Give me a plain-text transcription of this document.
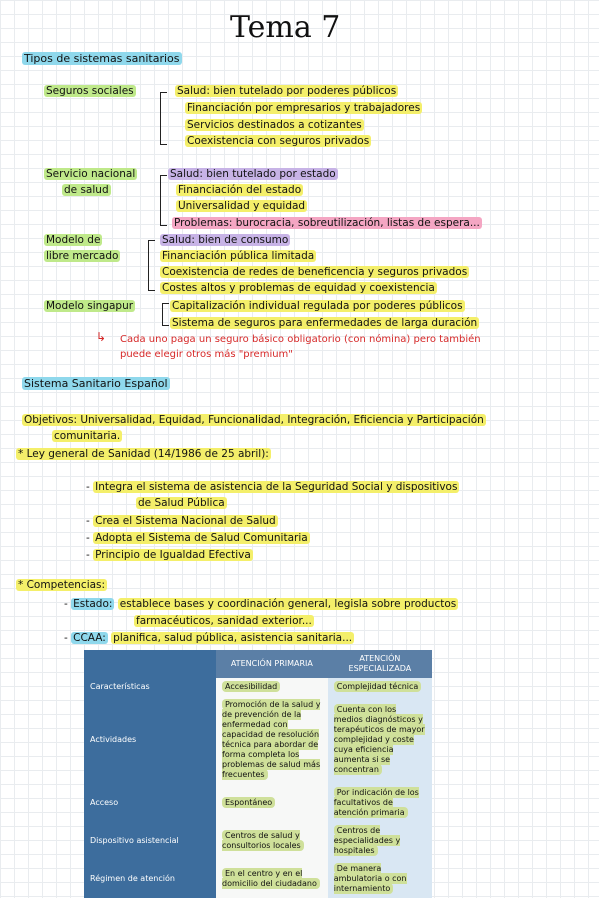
Tema 7
Tipos de sistemas sanitarios
Seguros sociales	Salud: bien tutelado por poderes públicos
Financiación por empresarios y trabajadores
Servicios destinados a cotizantes
Coexistencia con seguros privados
Servicio nacional
de salud
Salud: bien tutelado por estado
Financiación del estado
Universalidad y equidad
Problemas: burocracia, sobreutilización, listas de espera...
Modelo de
libre mercado
Salud: bien de consumo
Financiación pública limitada
Coexistencia de redes de beneficencia y seguros privados
Costes altos y problemas de equidad y coexistencia
Modelo singapur	Capitalización individual regulada por poderes públicos
Sistema de seguros para enfermedades de larga duración
↳ Cada uno paga un seguro básico obligatorio (con nómina) pero también
puede elegir otros más "premium"
Sistema Sanitario Español
Objetivos: Universalidad, Equidad, Funcionalidad, Integración, Eficiencia y Participación
comunitaria.
* Ley general de Sanidad (14/1986 de 25 abril):
- Integra el sistema de asistencia de la Seguridad Social y dispositivos
de Salud Pública
- Crea el Sistema Nacional de Salud
- Adopta el Sistema de Salud Comunitaria
- Principio de Igualdad Efectiva
* Competencias:
- Estado: establece bases y coordinación general, legisla sobre productos
farmacéuticos, sanidad exterior...
- CCAA: planifica, salud pública, asistencia sanitaria...
	ATENCIÓN PRIMARIA	ATENCIÓN ESPECIALIZADA
Características	Accesibilidad	Complejidad técnica
Actividades	Promoción de la salud y de prevención de la enfermedad con capacidad de resolución técnica para abordar de forma completa los problemas de salud más frecuentes	Cuenta con los medios diagnósticos y terapéuticos de mayor complejidad y coste cuya eficiencia aumenta si se concentran
Acceso	Espontáneo	Por indicación de los facultativos de atención primaria
Dispositivo asistencial	Centros de salud y consultorios locales	Centros de especialidades y hospitales
Régimen de atención	En el centro y en el domicilio del ciudadano	De manera ambulatoria o con internamiento
